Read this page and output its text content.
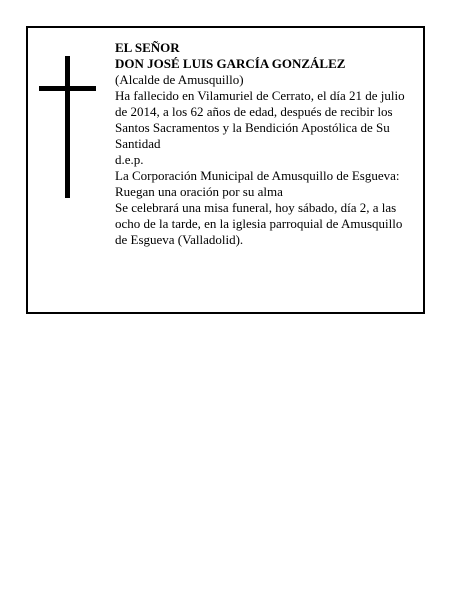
EL SEÑOR
DON JOSÉ LUIS GARCÍA GONZÁLEZ
(Alcalde de Amusquillo)
Ha fallecido en Vilamuriel de Cerrato, el día 21 de julio
de 2014, a los 62 años de edad, después de recibir los
Santos Sacramentos y la Bendición Apostólica de Su
Santidad
d.e.p.
La Corporación Municipal de Amusquillo de Esgueva:
Ruegan una oración por su alma
Se celebrará una misa funeral, hoy sábado, día 2, a las
ocho de la tarde, en la iglesia parroquial de Amusquillo
de Esgueva (Valladolid).
